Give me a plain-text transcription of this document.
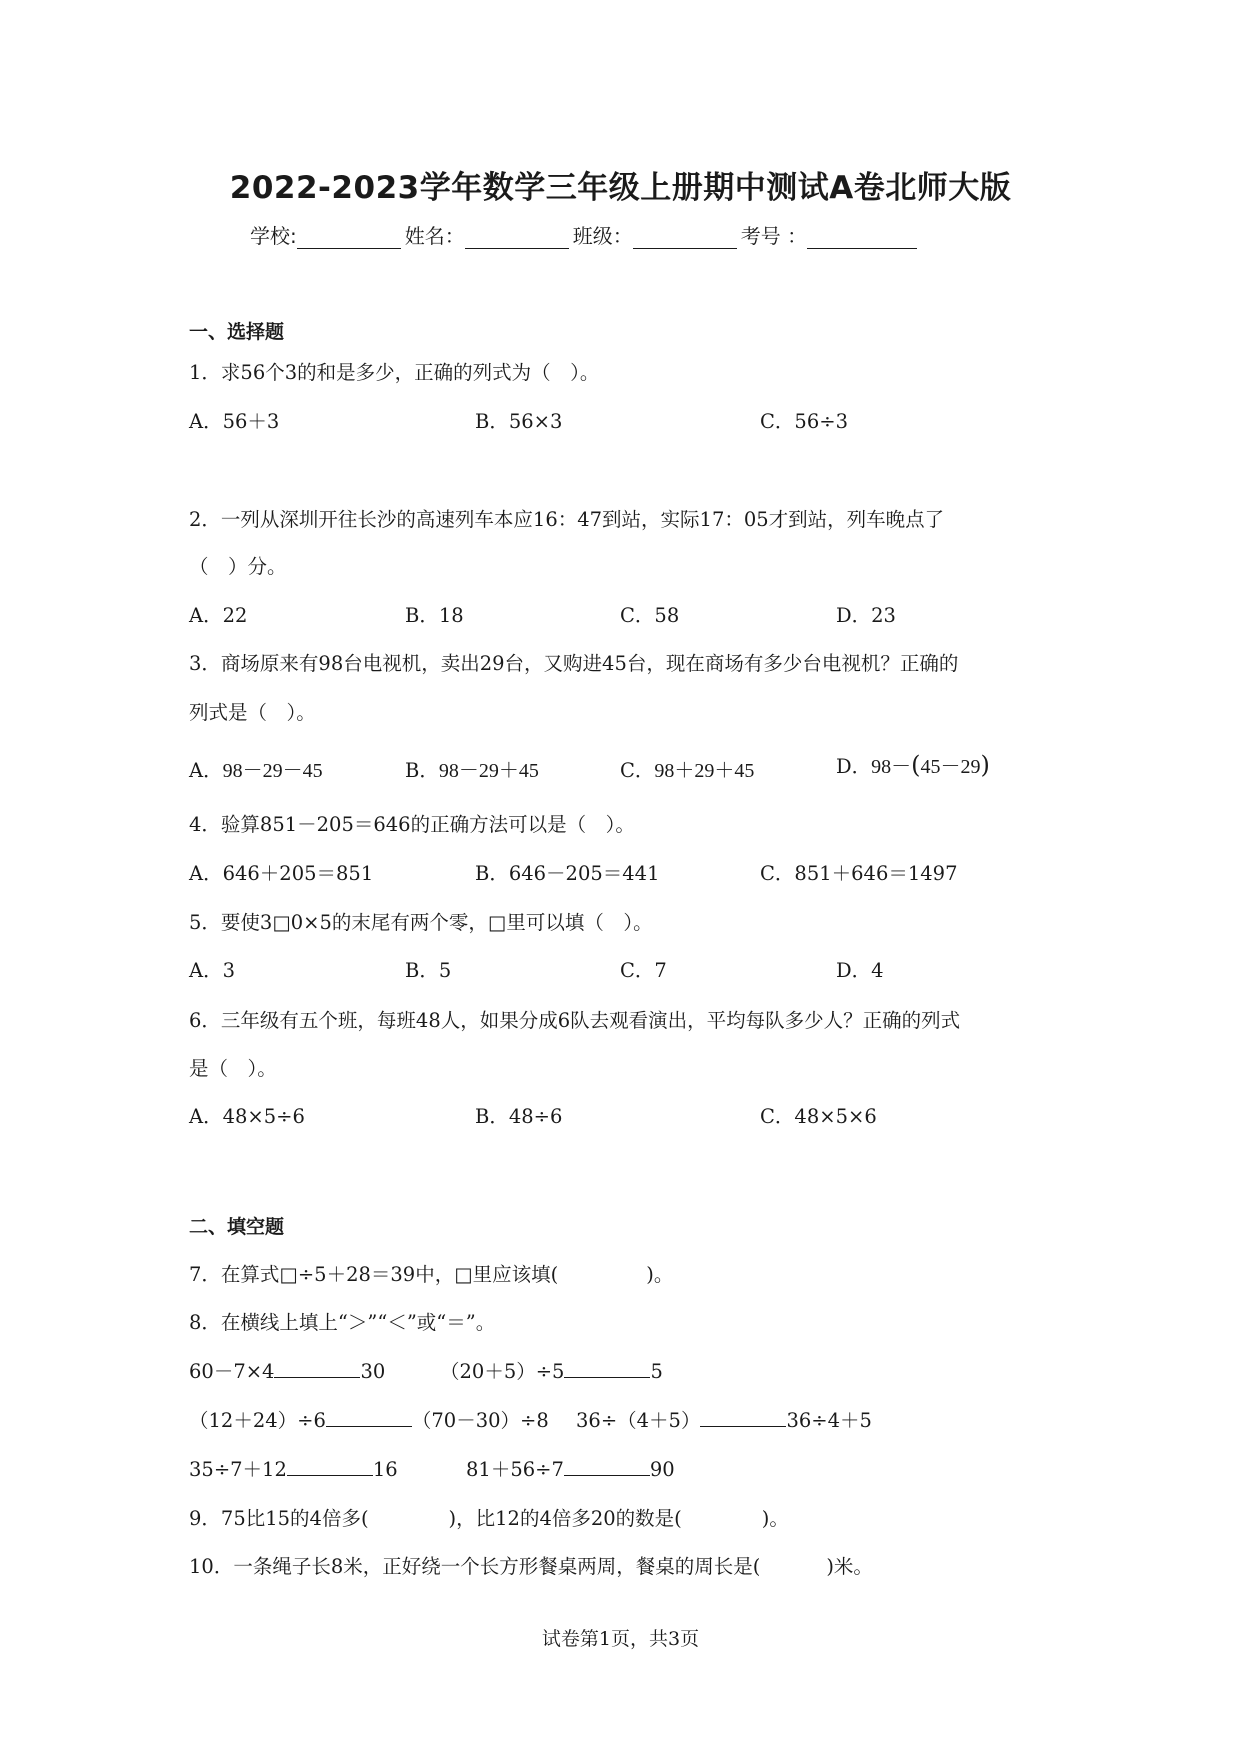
2022-2023学年数学三年级上册期中测试A卷北师大版
学校:	姓名：	班级：	考号 ：
一、选择题
1．求56个3的和是多少，正确的列式为（　）。
A．56＋3	B．56×3	C．56÷3
2．一列从深圳开往长沙的高速列车本应16：47到站，实际17：05才到站，列车晚点了
（　）分。
A．22	B．18	C．58	D．23
3．商场原来有98台电视机，卖出29台，又购进45台，现在商场有多少台电视机？正确的
列式是（　）。
A．98－29－45	B．98－29＋45	C．98＋29＋45	D．98－(45－29)
4．验算851－205＝646的正确方法可以是（　）。
A．646＋205＝851	B．646－205＝441	C．851＋646＝1497
5．要使3□0×5的末尾有两个零，□里可以填（　）。
A．3	B．5	C．7	D．4
6．三年级有五个班，每班48人，如果分成6队去观看演出，平均每队多少人？正确的列式
是（　）。
A．48×5÷6	B．48÷6	C．48×5×6
二、填空题
7．在算式□÷5＋28＝39中，□里应该填(	)。
8．在横线上填上“＞”“＜”或“＝”。
60－7×4	30	（20＋5）÷5	5
（12＋24）÷6	（70－30）÷8 36÷（4＋5）	36÷4＋5
35÷7＋12	16	81＋56÷7	90
9．75比15的4倍多(	)，比12的4倍多20的数是(	)。
10．一条绳子长8米，正好绕一个长方形餐桌两周，餐桌的周长是(	)米。
试卷第1页，共3页
